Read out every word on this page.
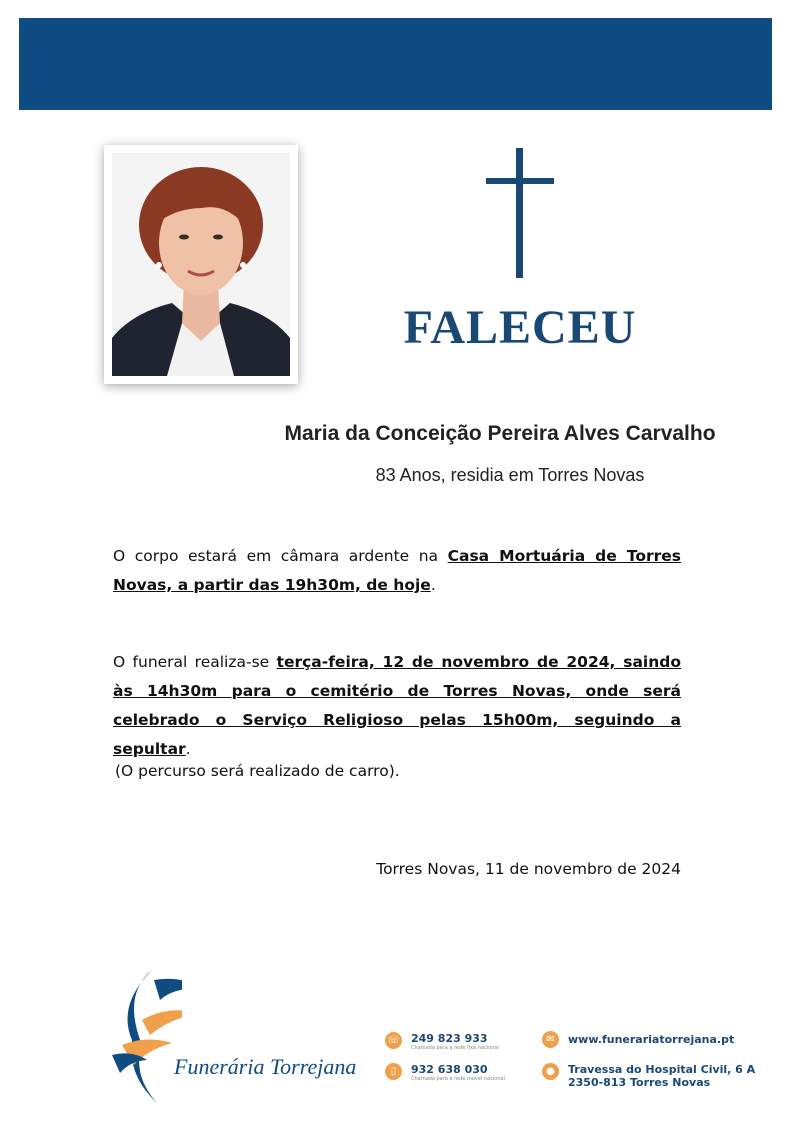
FALECEU
Maria da Conceição Pereira Alves Carvalho
83 Anos, residia em Torres Novas
O corpo estará em câmara ardente na Casa Mortuária de Torres Novas, a partir das 19h30m, de hoje.
O funeral realiza-se terça-feira, 12 de novembro de 2024, saindo às 14h30m para o cemitério de Torres Novas, onde será celebrado o Serviço Religioso pelas 15h00m, seguindo a sepultar.
(O percurso será realizado de carro).
Torres Novas, 11 de novembro de 2024
Funerária Torrejana
☏ 249 823 933
Chamada para a rede fixa nacional
▯	932 638 030
Chamada para a rede móvel nacional
✉	www.funerariatorrejana.pt
●	Travessa do Hospital Civil, 6 A
2350-813 Torres Novas
